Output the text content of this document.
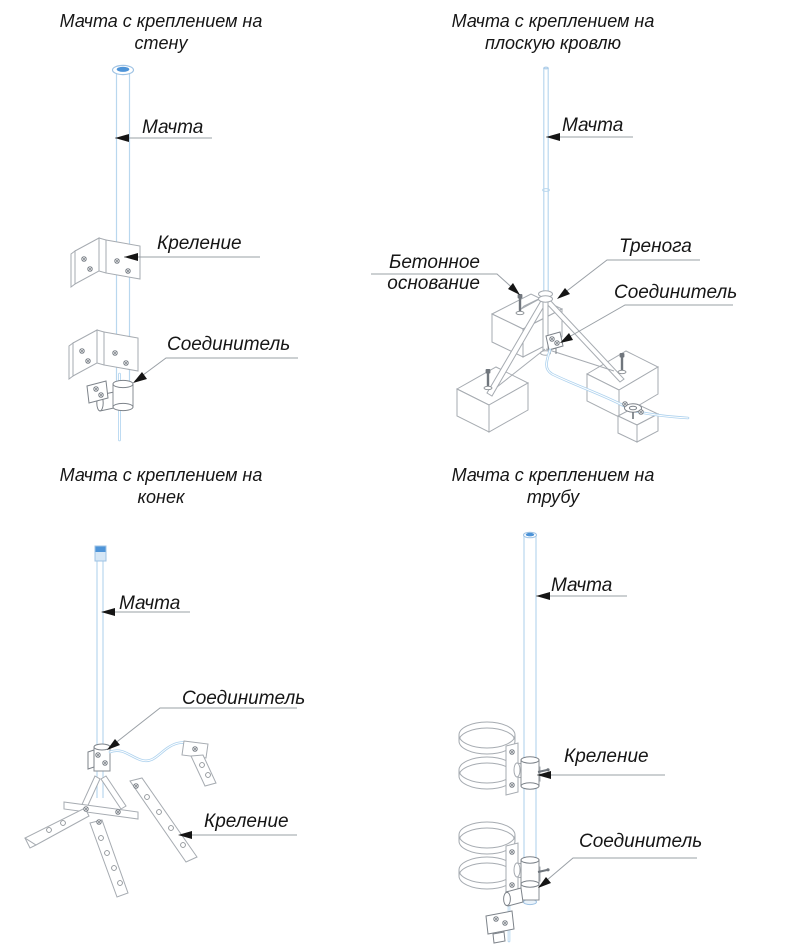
Мачта с креплением на
стену
Мачта с креплением на
плоскую кровлю
Мачта с креплением на
конек
Мачта с креплением на
трубу
Мачта
Креление
Соединитель
Мачта
Бетонное
основание
Тренога
Соединитель
Мачта
Соединитель
Креление
Мачта
Креление
Соединитель
